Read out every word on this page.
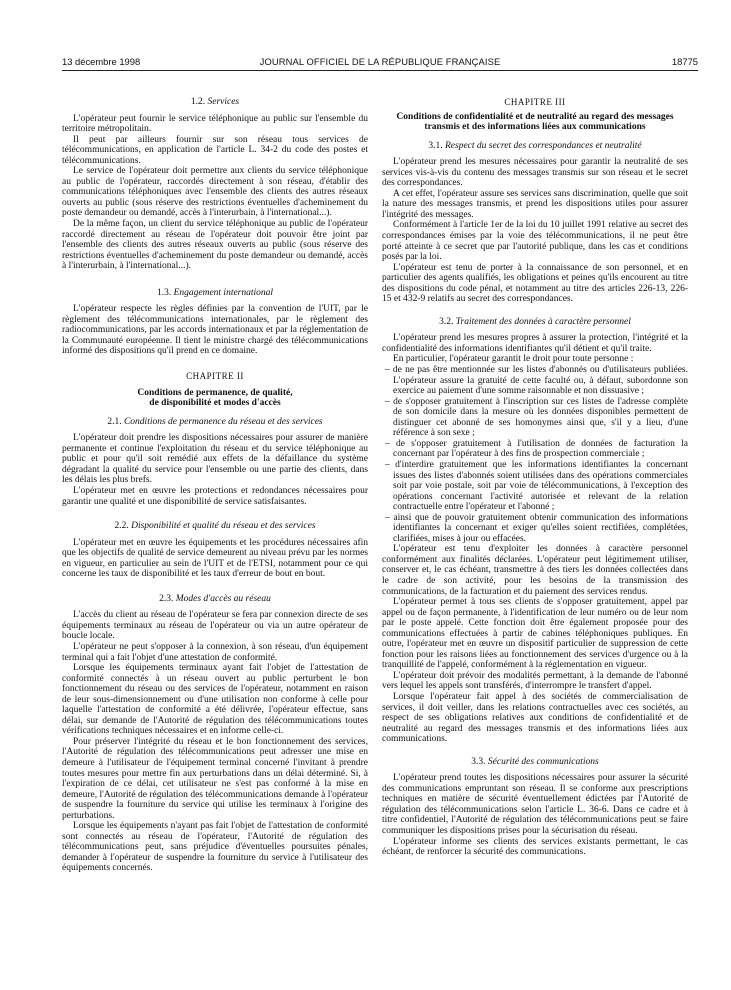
13 décembre 1998	JOURNAL OFFICIEL DE LA RÉPUBLIQUE FRANÇAISE	18775
1.2. Services

L'opérateur peut fournir le service téléphonique au public sur l'ensemble du territoire métropolitain.

Il peut par ailleurs fournir sur son réseau tous services de télécommunications, en application de l'article L. 34-2 du code des postes et télécommunications.

Le service de l'opérateur doit permettre aux clients du service téléphonique au public de l'opérateur, raccordés directement à son réseau, d'établir des communications téléphoniques avec l'ensemble des clients des autres réseaux ouverts au public (sous réserve des restrictions éventuelles d'acheminement du poste demandeur ou demandé, accès à l'interurbain, à l'international...).

De la même façon, un client du service téléphonique au public de l'opérateur raccordé directement au réseau de l'opérateur doit pouvoir être joint par l'ensemble des clients des autres réseaux ouverts au public (sous réserve des restrictions éventuelles d'acheminement du poste demandeur ou demandé, accès à l'interurbain, à l'international...).

1.3. Engagement international

L'opérateur respecte les règles définies par la convention de l'UIT, par le règlement des télécommunications internationales, par le règlement des radiocommunications, par les accords internationaux et par la réglementation de la Communauté européenne. Il tient le ministre chargé des télécommunications informé des dispositions qu'il prend en ce domaine.

CHAPITRE II
Conditions de permanence, de qualité,
de disponibilité et modes d'accès
2.1. Conditions de permanence du réseau et des services

L'opérateur doit prendre les dispositions nécessaires pour assurer de manière permanente et continue l'exploitation du réseau et du service téléphonique au public et pour qu'il soit remédié aux effets de la défaillance du système dégradant la qualité du service pour l'ensemble ou une partie des clients, dans les délais les plus brefs.

L'opérateur met en œuvre les protections et redondances nécessaires pour garantir une qualité et une disponibilité de service satisfaisantes.

2.2. Disponibilité et qualité du réseau et des services

L'opérateur met en œuvre les équipements et les procédures nécessaires afin que les objectifs de qualité de service demeurent au niveau prévu par les normes en vigueur, en particulier au sein de l'UIT et de l'ETSI, notamment pour ce qui concerne les taux de disponibilité et les taux d'erreur de bout en bout.

2.3. Modes d'accès au réseau

L'accès du client au réseau de l'opérateur se fera par connexion directe de ses équipements terminaux au réseau de l'opérateur ou via un autre opérateur de boucle locale.

L'opérateur ne peut s'opposer à la connexion, à son réseau, d'un équipement terminal qui a fait l'objet d'une attestation de conformité.

Lorsque les équipements terminaux ayant fait l'objet de l'attestation de conformité connectés à un réseau ouvert au public perturbent le bon fonctionnement du réseau ou des services de l'opérateur, notamment en raison de leur sous-dimensionnement ou d'une utilisation non conforme à celle pour laquelle l'attestation de conformité a été délivrée, l'opérateur effectue, sans délai, sur demande de l'Autorité de régulation des télécommunications toutes vérifications techniques nécessaires et en informe celle-ci.

Pour préserver l'intégrité du réseau et le bon fonctionnement des services, l'Autorité de régulation des télécommunications peut adresser une mise en demeure à l'utilisateur de l'équipement terminal concerné l'invitant à prendre toutes mesures pour mettre fin aux perturbations dans un délai déterminé. Si, à l'expiration de ce délai, cet utilisateur ne s'est pas conformé à la mise en demeure, l'Autorité de régulation des télécommunications demande à l'opérateur de suspendre la fourniture du service qui utilise les terminaux à l'origine des perturbations.

Lorsque les équipements n'ayant pas fait l'objet de l'attestation de conformité sont connectés au réseau de l'opérateur, l'Autorité de régulation des télécommunications peut, sans préjudice d'éventuelles poursuites pénales, demander à l'opérateur de suspendre la fourniture du service à l'utilisateur des équipements concernés.

CHAPITRE III
Conditions de confidentialité et de neutralité au regard des messages transmis et des informations liées aux communications
3.1. Respect du secret des correspondances et neutralité

L'opérateur prend les mesures nécessaires pour garantir la neutralité de ses services vis-à-vis du contenu des messages transmis sur son réseau et le secret des correspondances.

A cet effet, l'opérateur assure ses services sans discrimination, quelle que soit la nature des messages transmis, et prend les dispositions utiles pour assurer l'intégrité des messages.

Conformément à l'article 1er de la loi du 10 juillet 1991 relative au secret des correspondances émises par la voie des télécommunications, il ne peut être porté atteinte à ce secret que par l'autorité publique, dans les cas et conditions posés par la loi.

L'opérateur est tenu de porter à la connaissance de son personnel, et en particulier des agents qualifiés, les obligations et peines qu'ils encourent au titre des dispositions du code pénal, et notamment au titre des articles 226-13, 226-15 et 432-9 relatifs au secret des correspondances.

3.2. Traitement des données à caractère personnel

L'opérateur prend les mesures propres à assurer la protection, l'intégrité et la confidentialité des informations identifiantes qu'il détient et qu'il traite.

En particulier, l'opérateur garantit le droit pour toute personne :

– de ne pas être mentionnée sur les listes d'abonnés ou d'utilisateurs publiées. L'opérateur assure la gratuité de cette faculté ou, à défaut, subordonne son exercice au paiement d'une somme raisonnable et non dissuasive ;

– de s'opposer gratuitement à l'inscription sur ces listes de l'adresse complète de son domicile dans la mesure où les données disponibles permettent de distinguer cet abonné de ses homonymes ainsi que, s'il y a lieu, d'une référence à son sexe ;

– de s'opposer gratuitement à l'utilisation de données de facturation la concernant par l'opérateur à des fins de prospection commerciale ;

– d'interdire gratuitement que les informations identifiantes la concernant issues des listes d'abonnés soient utilisées dans des opérations commerciales soit par voie postale, soit par voie de télécommunications, à l'exception des opérations concernant l'activité autorisée et relevant de la relation contractuelle entre l'opérateur et l'abonné ;

– ainsi que de pouvoir gratuitement obtenir communication des informations identifiantes la concernant et exiger qu'elles soient rectifiées, complétées, clarifiées, mises à jour ou effacées.

L'opérateur est tenu d'exploiter les données à caractère personnel conformément aux finalités déclarées. L'opérateur peut légitimement utiliser, conserver et, le cas échéant, transmettre à des tiers les données collectées dans le cadre de son activité, pour les besoins de la transmission des communications, de la facturation et du paiement des services rendus.

L'opérateur permet à tous ses clients de s'opposer gratuitement, appel par appel ou de façon permanente, à l'identification de leur numéro ou de leur nom par le poste appelé. Cette fonction doit être également proposée pour des communications effectuées à partir de cabines téléphoniques publiques. En outre, l'opérateur met en œuvre un dispositif particulier de suppression de cette fonction pour les raisons liées au fonctionnement des services d'urgence ou à la tranquillité de l'appelé, conformément à la réglementation en vigueur.

L'opérateur doit prévoir des modalités permettant, à la demande de l'abonné vers lequel les appels sont transférés, d'interrompre le transfert d'appel.

Lorsque l'opérateur fait appel à des sociétés de commercialisation de services, il doit veiller, dans les relations contractuelles avec ces sociétés, au respect de ses obligations relatives aux conditions de confidentialité et de neutralité au regard des messages transmis et des informations liées aux communications.

3.3. Sécurité des communications

L'opérateur prend toutes les dispositions nécessaires pour assurer la sécurité des communications empruntant son réseau. Il se conforme aux prescriptions techniques en matière de sécurité éventuellement édictées par l'Autorité de régulation des télécommunications selon l'article L. 36-6. Dans ce cadre et à titre confidentiel, l'Autorité de régulation des télécommunications peut se faire communiquer les dispositions prises pour la sécurisation du réseau.

L'opérateur informe ses clients des services existants permettant, le cas échéant, de renforcer la sécurité des communications.
